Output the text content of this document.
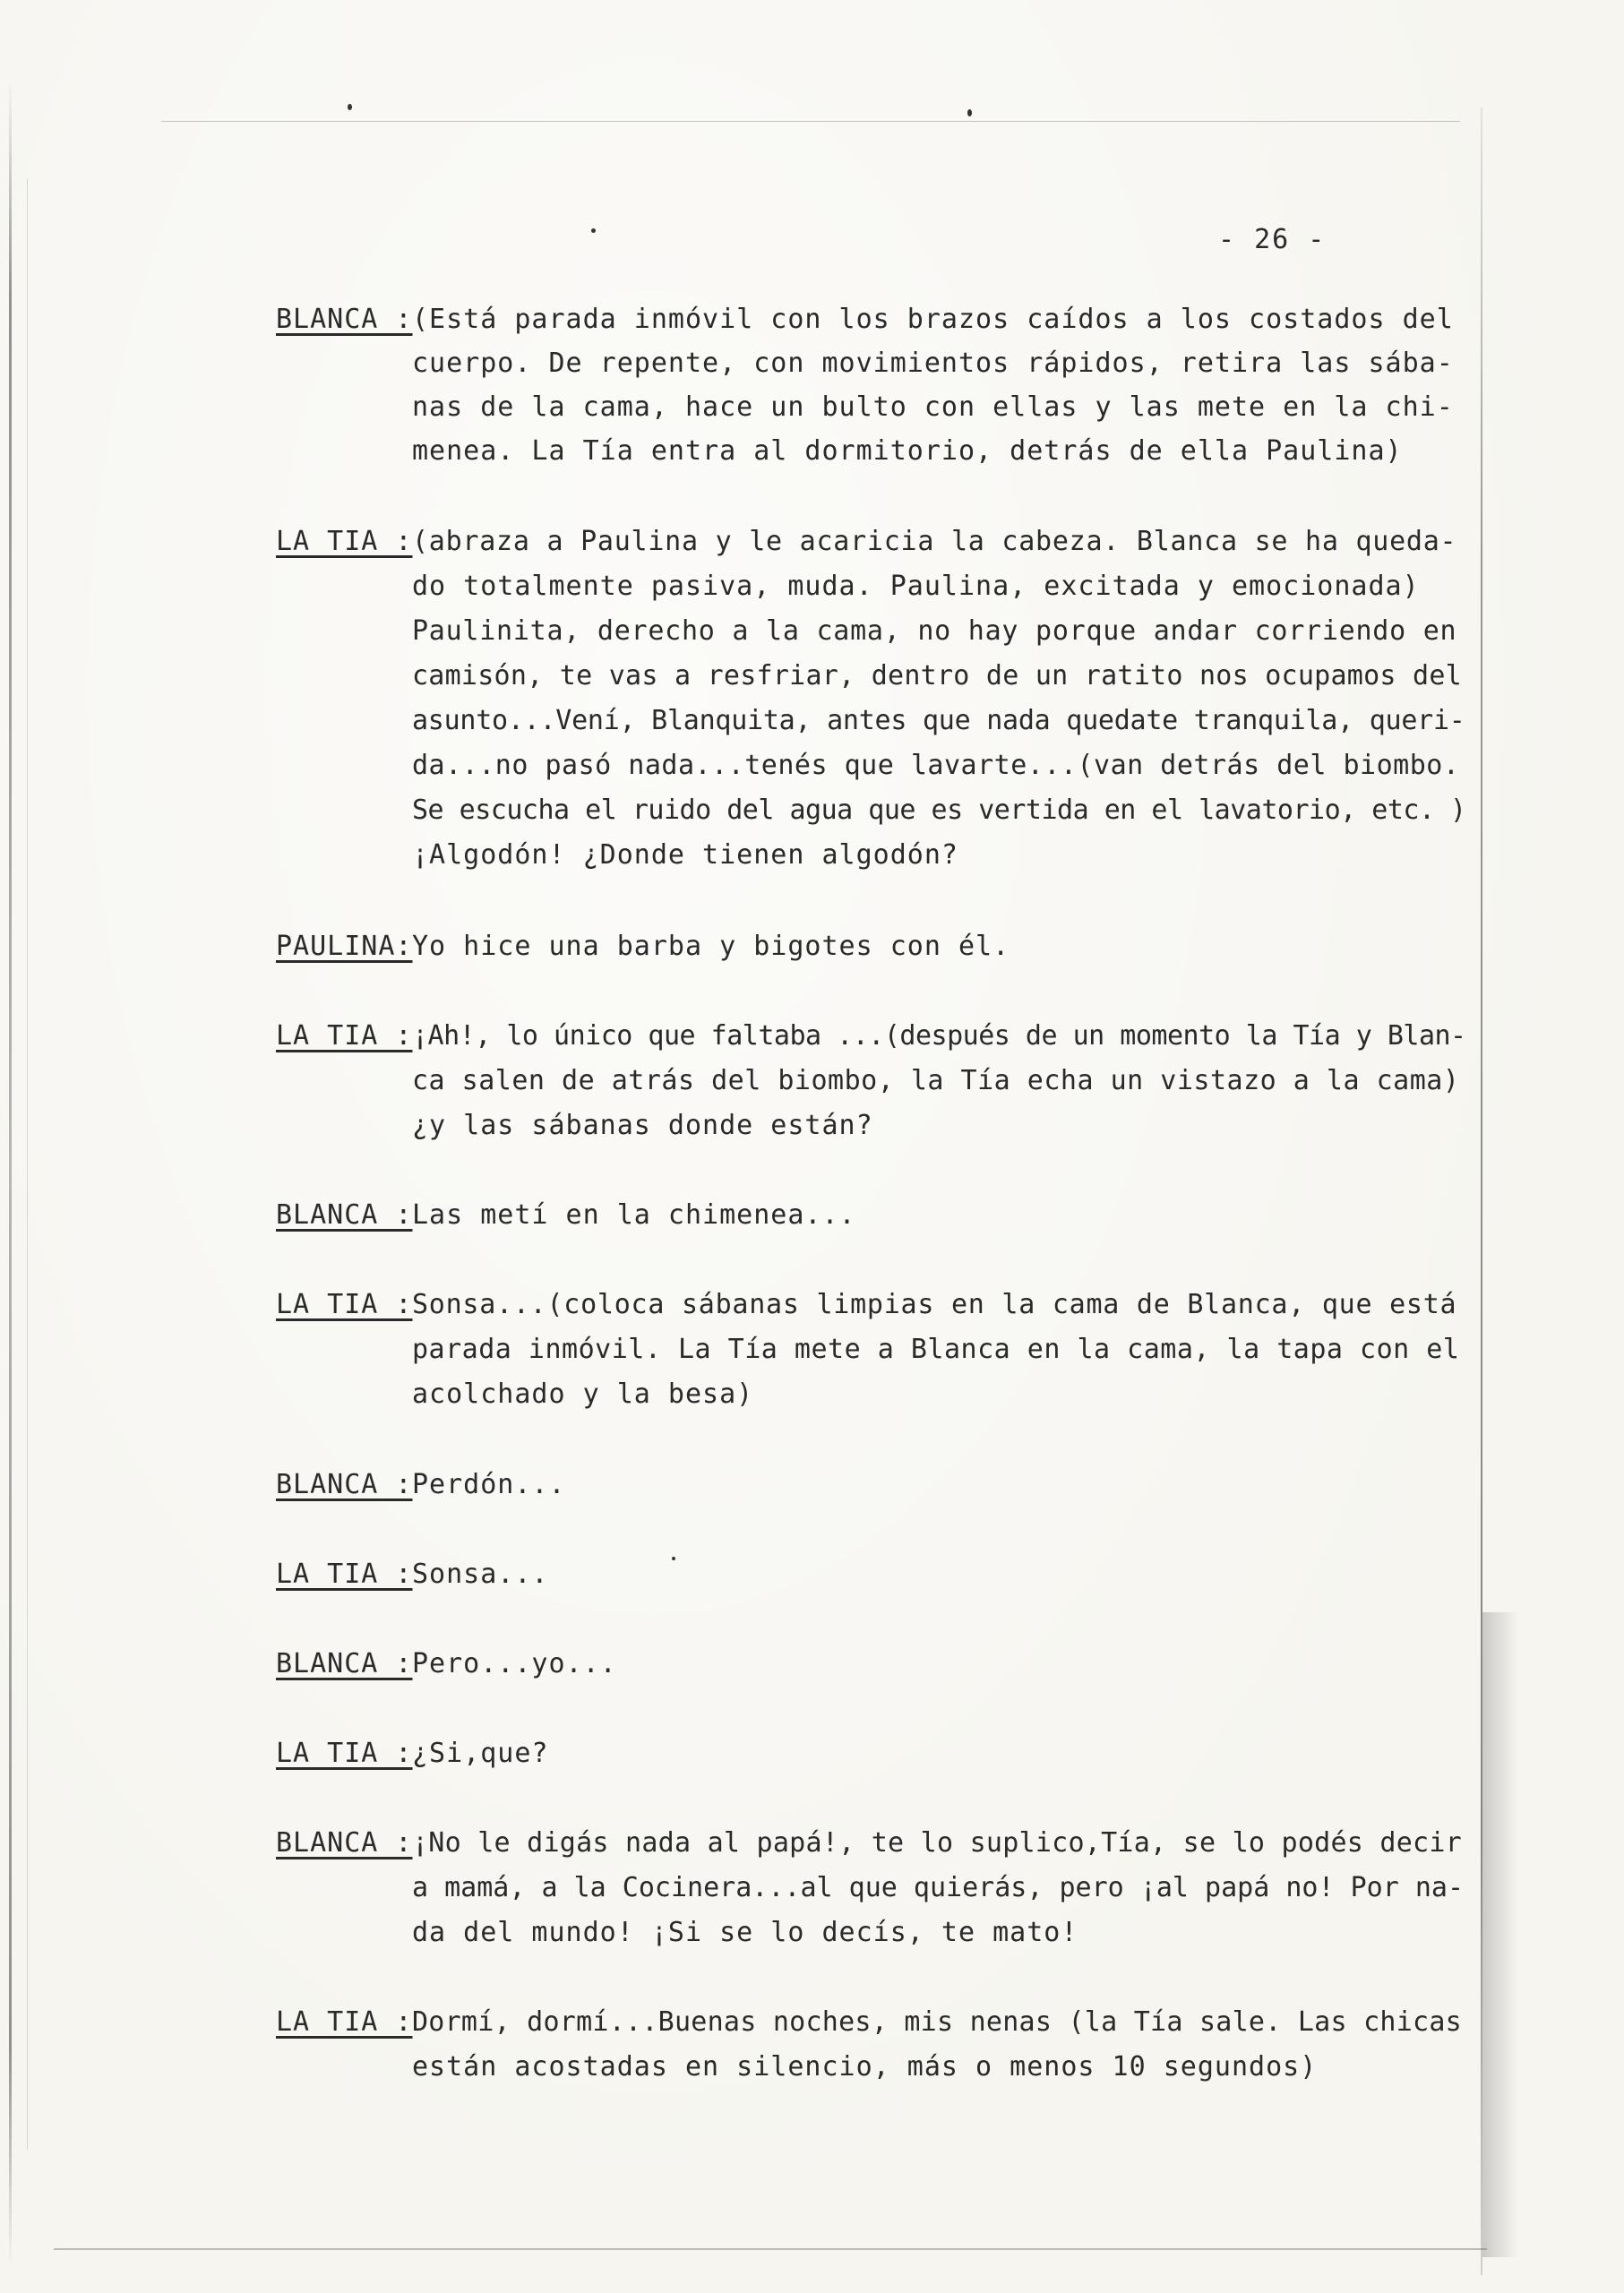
- 26 -
BLANCA : (Está parada inmóvil con los brazos caídos a los costados del
cuerpo. De repente, con movimientos rápidos, retira las sába-
nas de la cama, hace un bulto con ellas y las mete en la chi-
menea. La Tía entra al dormitorio, detrás de ella Paulina)
LA TIA : (abraza a Paulina y le acaricia la cabeza. Blanca se ha queda-
do totalmente pasiva, muda. Paulina, excitada y emocionada)
Paulinita, derecho a la cama, no hay porque andar corriendo en
camisón, te vas a resfriar, dentro de un ratito nos ocupamos del
asunto...Vení, Blanquita, antes que nada quedate tranquila, queri-
da...no pasó nada...tenés que lavarte...(van detrás del biombo.
Se escucha el ruido del agua que es vertida en el lavatorio, etc. )
¡Algodón! ¿Donde tienen algodón?
PAULINA: Yo hice una barba y bigotes con él.
LA TIA : ¡Ah!, lo único que faltaba ...(después de un momento la Tía y Blan-
ca salen de atrás del biombo, la Tía echa un vistazo a la cama)
¿y las sábanas donde están?
BLANCA : Las metí en la chimenea...
LA TIA : Sonsa...(coloca sábanas limpias en la cama de Blanca, que está
parada inmóvil. La Tía mete a Blanca en la cama, la tapa con el
acolchado y la besa)
BLANCA : Perdón...
LA TIA : Sonsa...
BLANCA : Pero...yo...
LA TIA : ¿Si,que?
BLANCA : ¡No le digás nada al papá!, te lo suplico,Tía, se lo podés decir
a mamá, a la Cocinera...al que quierás, pero ¡al papá no! Por na-
da del mundo! ¡Si se lo decís, te mato!
LA TIA : Dormí, dormí...Buenas noches, mis nenas (la Tía sale. Las chicas
están acostadas en silencio, más o menos 10 segundos)
